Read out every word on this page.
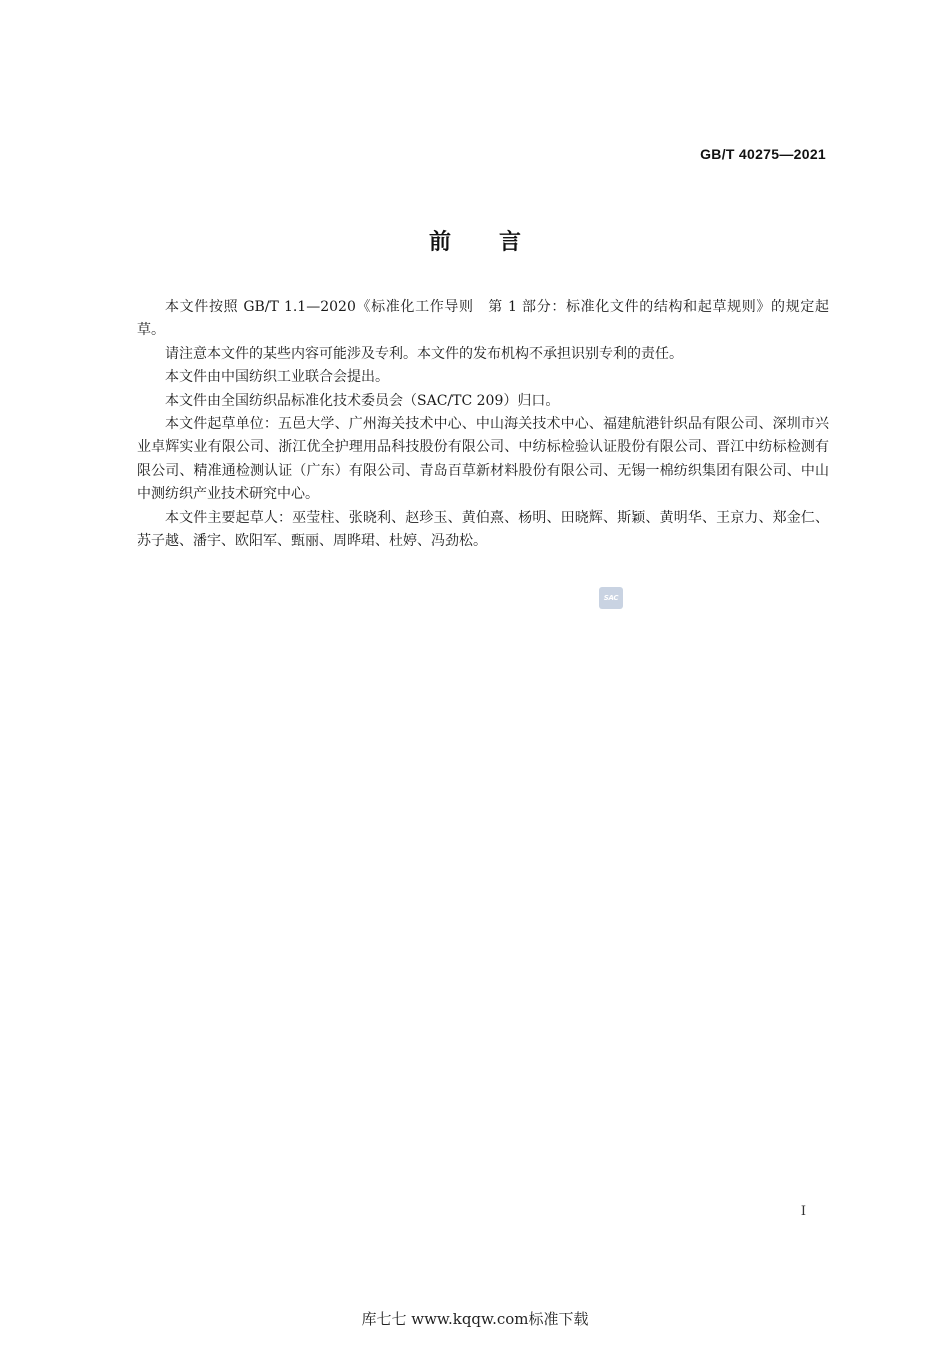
GB/T 40275—2021
前言

本文件按照 GB/T 1.1—2020《标准化工作导则　第 1 部分：标准化文件的结构和起草规则》的规定起草。

请注意本文件的某些内容可能涉及专利。本文件的发布机构不承担识别专利的责任。

本文件由中国纺织工业联合会提出。

本文件由全国纺织品标准化技术委员会（SAC/TC 209）归口。

本文件起草单位：五邑大学、广州海关技术中心、中山海关技术中心、福建航港针织品有限公司、深圳市兴业卓辉实业有限公司、浙江优全护理用品科技股份有限公司、中纺标检验认证股份有限公司、晋江中纺标检测有限公司、精准通检测认证（广东）有限公司、青岛百草新材料股份有限公司、无锡一棉纺织集团有限公司、中山中测纺织产业技术研究中心。

本文件主要起草人：巫莹柱、张晓利、赵珍玉、黄伯熹、杨明、田晓辉、斯颖、黄明华、王京力、郑金仁、苏子越、潘宇、欧阳军、甄丽、周晔珺、杜婷、冯劲松。

SAC
I
库七七 www.kqqw.com标准下载
